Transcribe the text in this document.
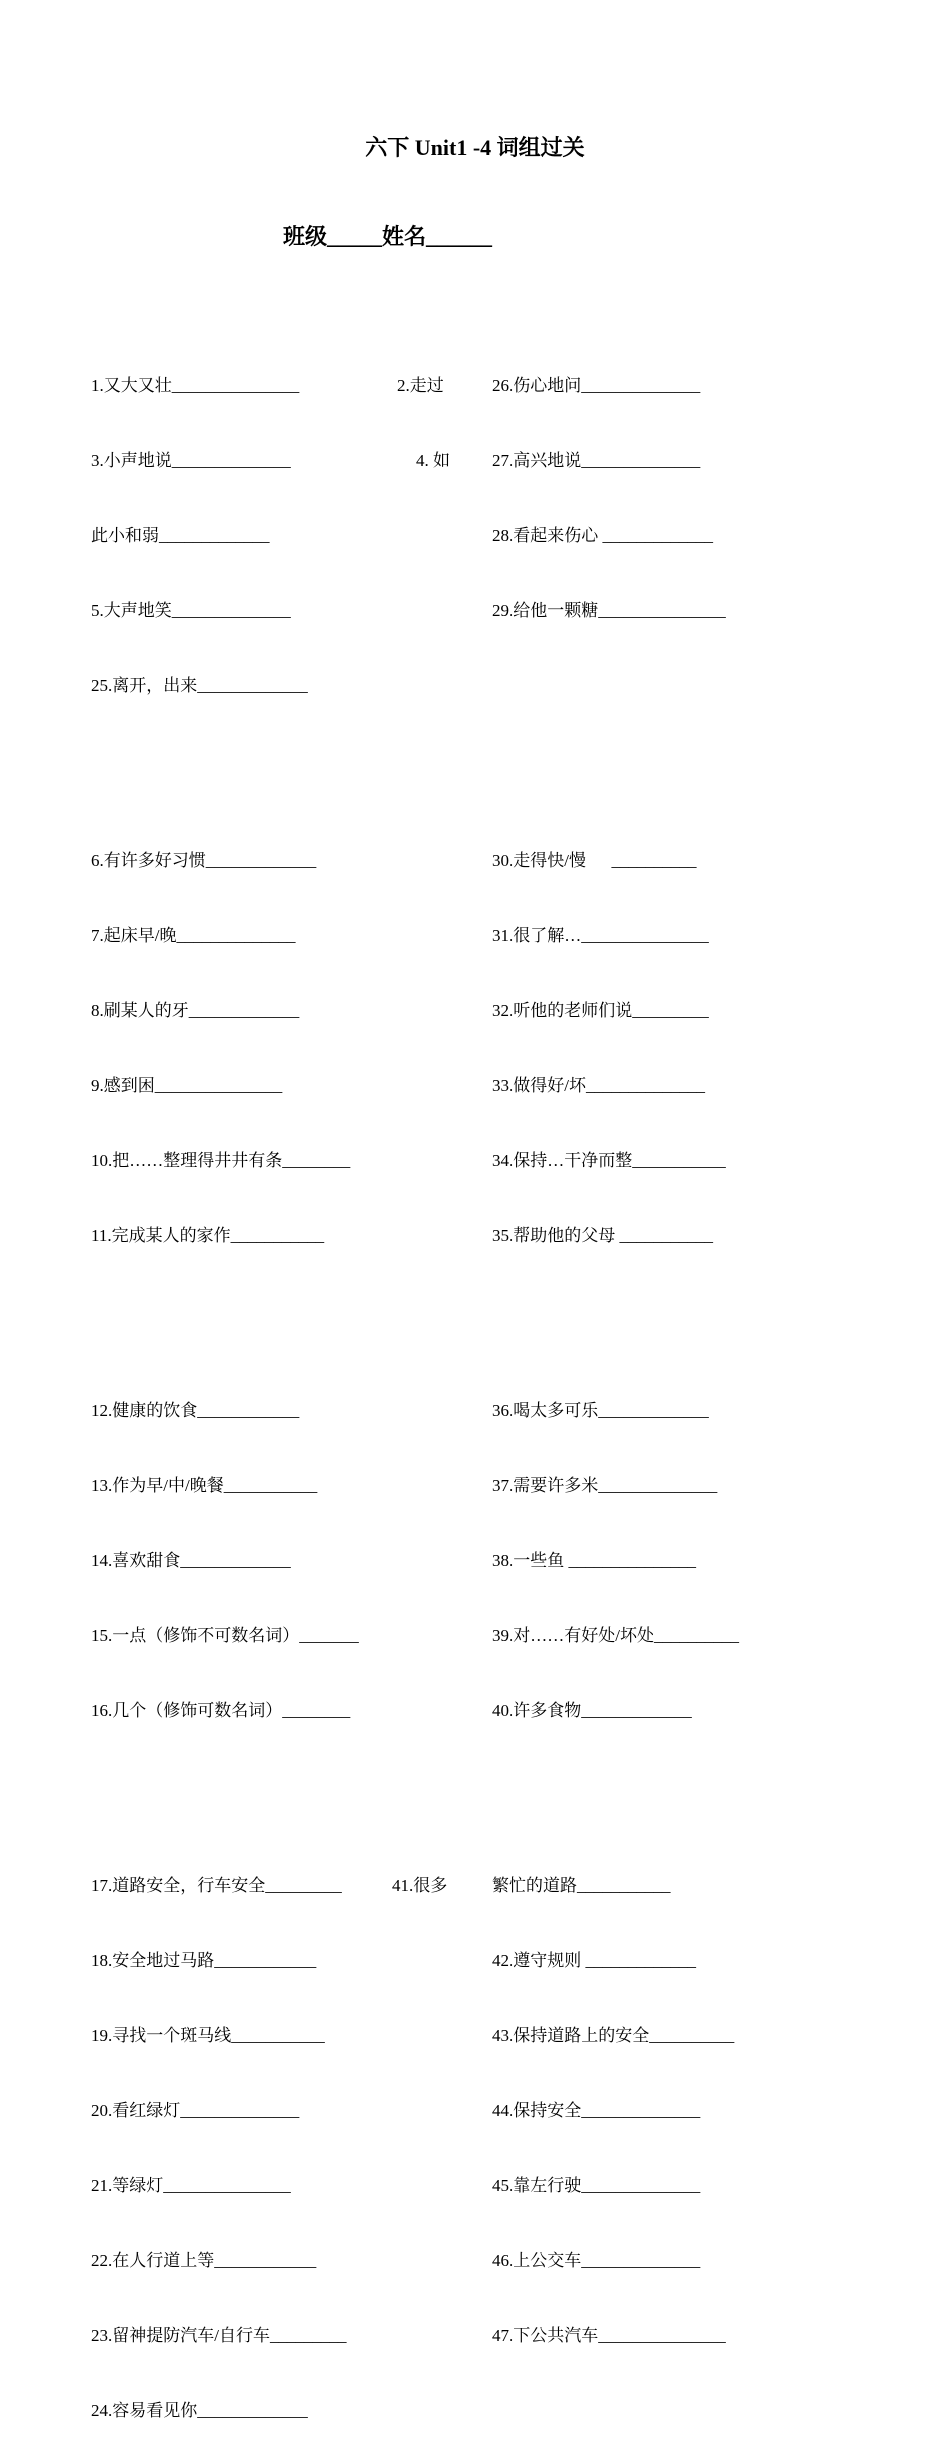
六下 Unit1 -4 词组过关
班级_____姓名______

1.又大又壮_______________	2.走过

3.小声地说______________	4. 如

此小和弱_____________

5.大声地笑______________

25.离开，出来_____________

6.有许多好习惯_____________

7.起床早/晚______________

8.刷某人的牙_____________

9.感到困_______________

10.把……整理得井井有条________

11.完成某人的家作___________

12.健康的饮食____________

13.作为早/中/晚餐___________

14.喜欢甜食_____________

15.一点（修饰不可数名词）_______

16.几个（修饰可数名词）________

17.道路安全，行车安全_________	41.很多

18.安全地过马路____________

19.寻找一个斑马线___________

20.看红绿灯______________

21.等绿灯_______________

22.在人行道上等____________

23.留神提防汽车/自行车_________

24.容易看见你_____________

26.伤心地问______________

27.高兴地说______________

28.看起来伤心 _____________

29.给他一颗糖_______________

30.走得快/慢      __________

31.很了解…_______________

32.听他的老师们说_________

33.做得好/坏______________

34.保持…干净而整___________

35.帮助他的父母 ___________

36.喝太多可乐_____________

37.需要许多米______________

38.一些鱼 _______________

39.对……有好处/坏处__________

40.许多食物_____________

繁忙的道路___________

42.遵守规则 _____________

43.保持道路上的安全__________

44.保持安全______________

45.靠左行驶______________

46.上公交车______________

47.下公共汽车_______________
